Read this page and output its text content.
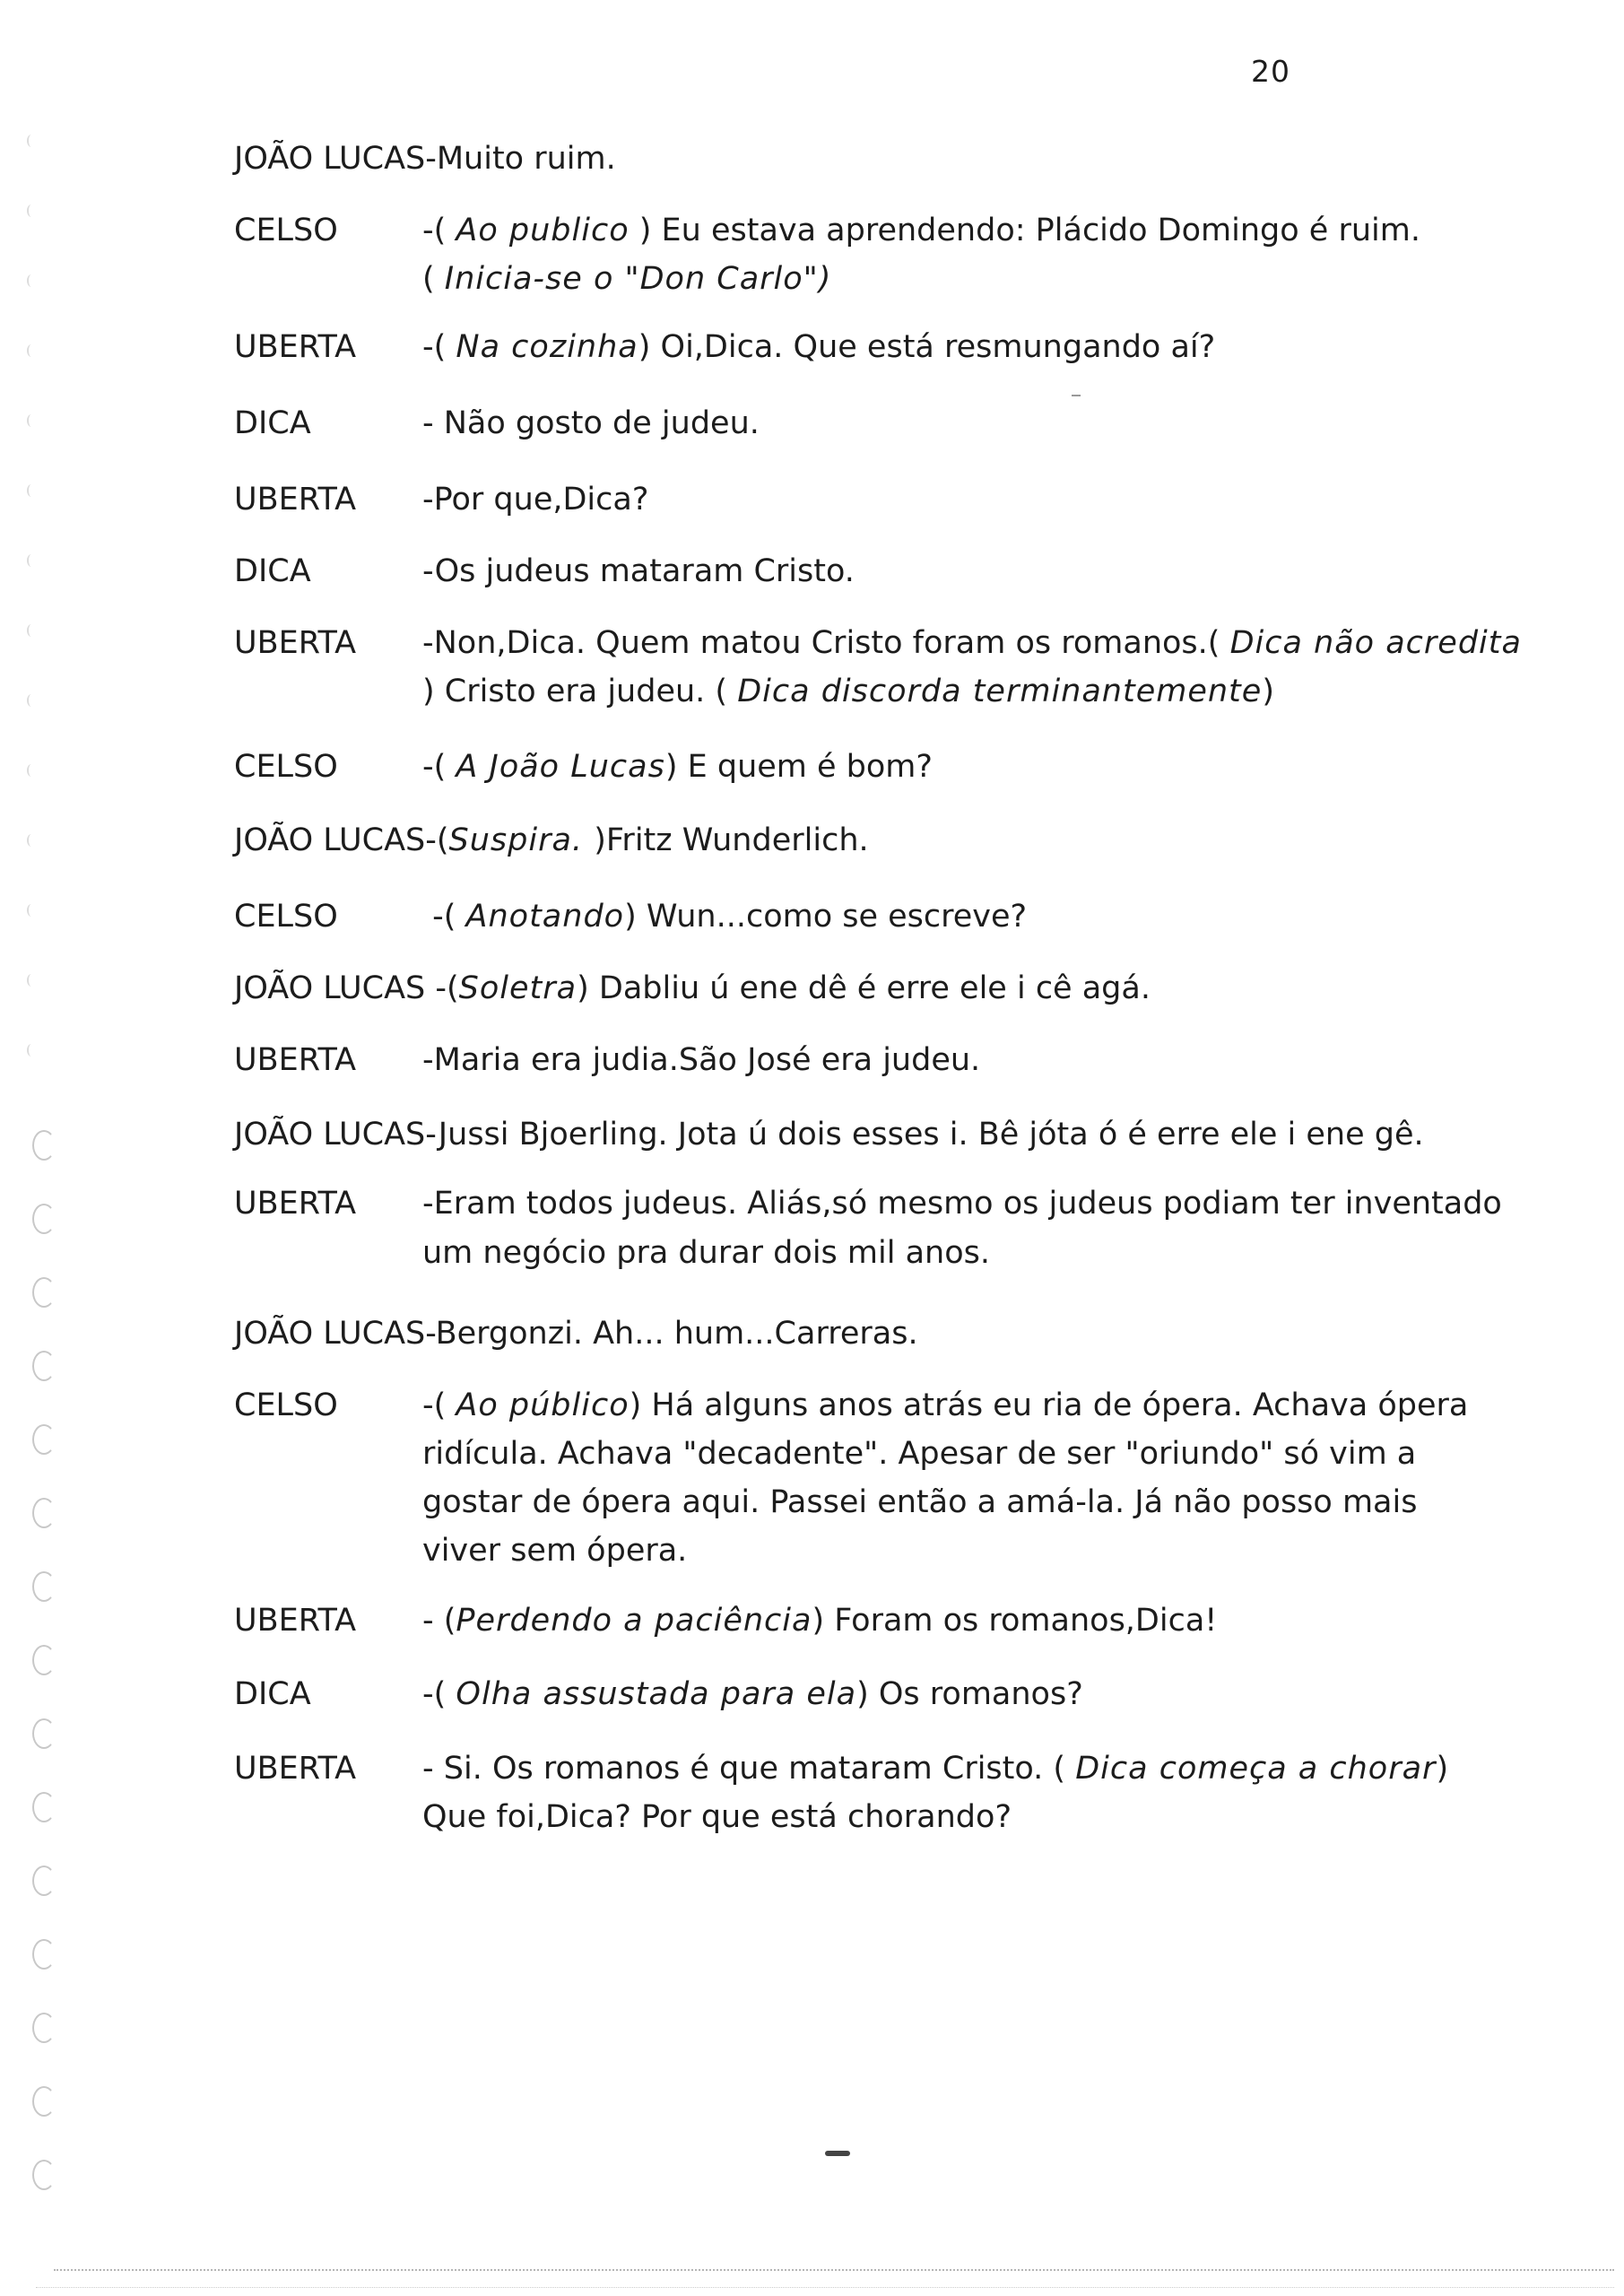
20
JOÃO LUCAS-Muito ruim.
CELSO	-( Ao publico ) Eu estava aprendendo: Plácido Domingo é ruim.
( Inicia-se o "Don Carlo")
UBERTA -( Na cozinha) Oi,Dica. Que está resmungando aí?
DICA	- Não gosto de judeu.
UBERTA -Por que,Dica?
DICA	-Os judeus mataram Cristo.
UBERTA -Non,Dica. Quem matou Cristo foram os romanos.( Dica não acredita
) Cristo era judeu. ( Dica discorda terminantemente)
CELSO	-( A João Lucas) E quem é bom?
JOÃO LUCAS-(Suspira. )Fritz Wunderlich.
CELSO	-( Anotando) Wun...como se escreve?
JOÃO LUCAS -(Soletra) Dabliu ú ene dê é erre ele i cê agá.
UBERTA -Maria era judia.São José era judeu.
JOÃO LUCAS-Jussi Bjoerling. Jota ú dois esses i. Bê jóta ó é erre ele i ene gê.
UBERTA -Eram todos judeus. Aliás,só mesmo os judeus podiam ter inventado
um negócio pra durar dois mil anos.
JOÃO LUCAS-Bergonzi. Ah... hum...Carreras.
CELSO	-( Ao público) Há alguns anos atrás eu ria de ópera. Achava ópera
ridícula. Achava "decadente". Apesar de ser "oriundo" só vim a
gostar de ópera aqui. Passei então a amá-la. Já não posso mais
viver sem ópera.
UBERTA - (Perdendo a paciência) Foram os romanos,Dica!
DICA	-( Olha assustada para ela) Os romanos?
UBERTA - Si. Os romanos é que mataram Cristo. ( Dica começa a chorar)
Que foi,Dica? Por que está chorando?
